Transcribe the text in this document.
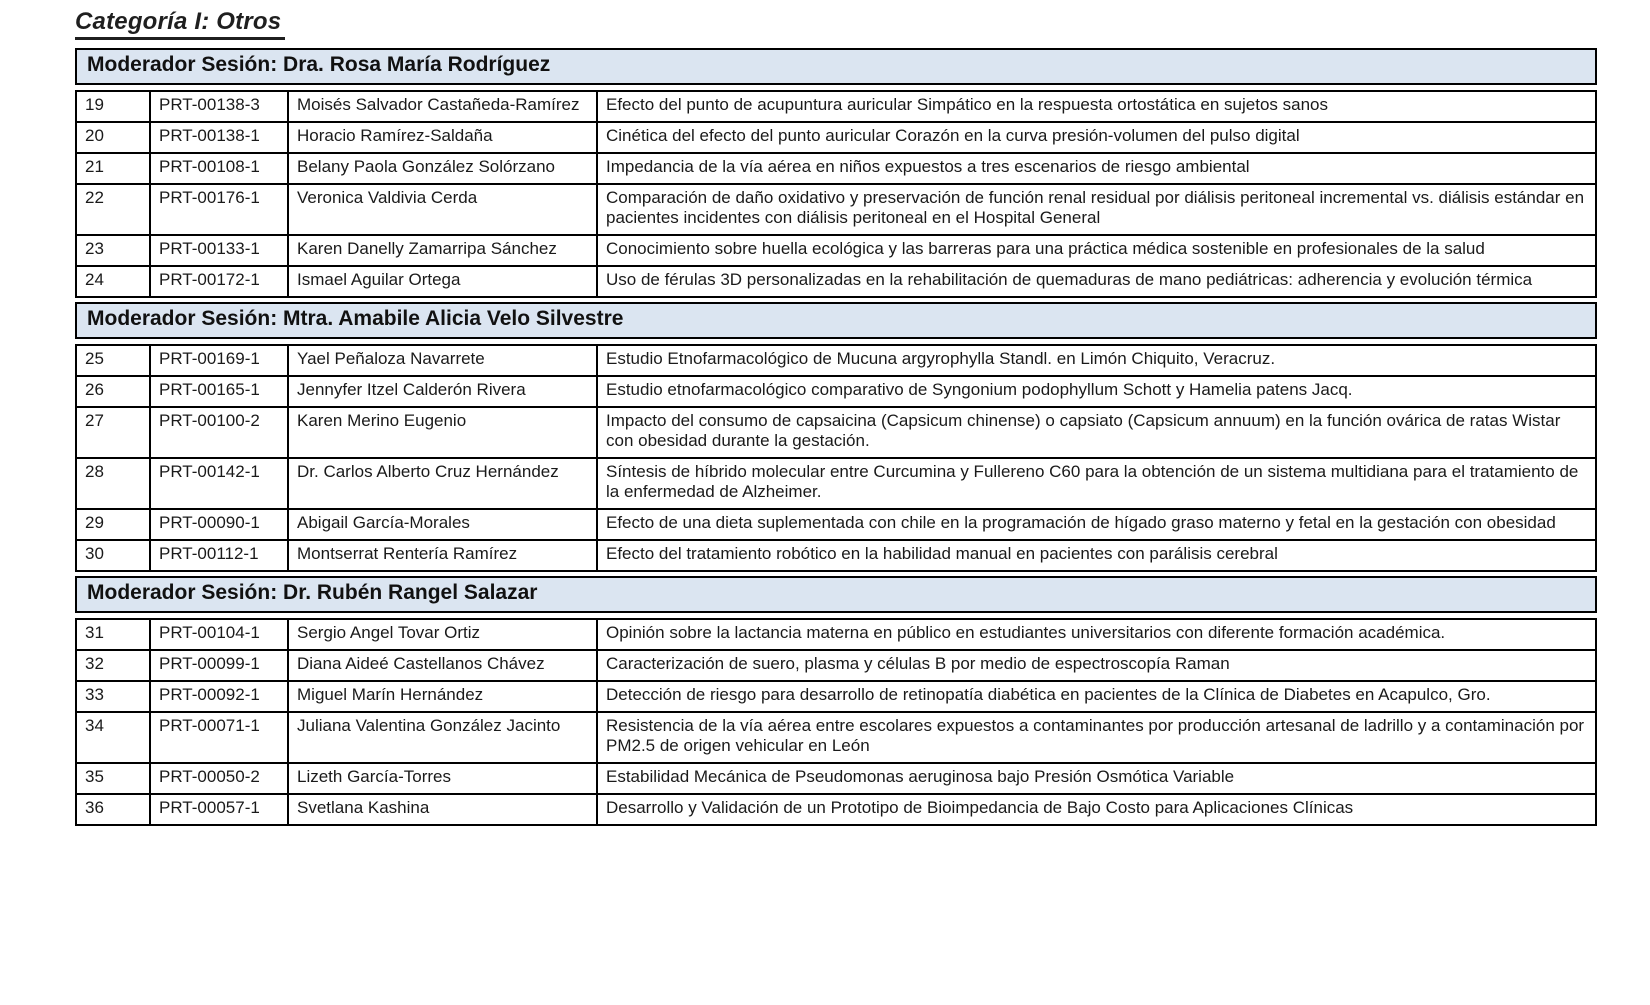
Categoría I: Otros
Moderador Sesión: Dra. Rosa María Rodríguez
19	PRT-00138-3	Moisés Salvador Castañeda-Ramírez	Efecto del punto de acupuntura auricular Simpático en la respuesta ortostática en sujetos sanos
20	PRT-00138-1	Horacio Ramírez-Saldaña	Cinética del efecto del punto auricular Corazón en la curva presión-volumen del pulso digital
21	PRT-00108-1	Belany Paola González Solórzano	Impedancia de la vía aérea en niños expuestos a tres escenarios de riesgo ambiental
22	PRT-00176-1	Veronica Valdivia Cerda	Comparación de daño oxidativo y preservación de función renal residual por diálisis peritoneal incremental vs. diálisis estándar en pacientes incidentes con diálisis peritoneal en el Hospital General
23	PRT-00133-1	Karen Danelly Zamarripa Sánchez	Conocimiento sobre huella ecológica y las barreras para una práctica médica sostenible en profesionales de la salud
24	PRT-00172-1	Ismael Aguilar Ortega	Uso de férulas 3D personalizadas en la rehabilitación de quemaduras de mano pediátricas: adherencia y evolución térmica
Moderador Sesión: Mtra. Amabile Alicia Velo Silvestre
25	PRT-00169-1	Yael Peñaloza Navarrete	Estudio Etnofarmacológico de Mucuna argyrophylla Standl. en Limón Chiquito, Veracruz.
26	PRT-00165-1	Jennyfer Itzel Calderón Rivera	Estudio etnofarmacológico comparativo de Syngonium podophyllum Schott y Hamelia patens Jacq.
27	PRT-00100-2	Karen Merino Eugenio	Impacto del consumo de capsaicina (Capsicum chinense) o capsiato (Capsicum annuum) en la función ovárica de ratas Wistar con obesidad durante la gestación.
28	PRT-00142-1	Dr. Carlos Alberto Cruz Hernández	Síntesis de híbrido molecular entre Curcumina y Fullereno C60 para la obtención de un sistema multidiana para el tratamiento de la enfermedad de Alzheimer.
29	PRT-00090-1	Abigail García-Morales	Efecto de una dieta suplementada con chile en la programación de hígado graso materno y fetal en la gestación con obesidad
30	PRT-00112-1	Montserrat Rentería Ramírez	Efecto del tratamiento robótico en la habilidad manual en pacientes con parálisis cerebral
Moderador Sesión: Dr. Rubén Rangel Salazar
31	PRT-00104-1	Sergio Angel Tovar Ortiz	Opinión sobre la lactancia materna en público en estudiantes universitarios con diferente formación académica.
32	PRT-00099-1	Diana Aideé Castellanos Chávez	Caracterización de suero, plasma y células B por medio de espectroscopía Raman
33	PRT-00092-1	Miguel Marín Hernández	Detección de riesgo para desarrollo de retinopatía diabética en pacientes de la Clínica de Diabetes en Acapulco, Gro.
34	PRT-00071-1	Juliana Valentina González Jacinto	Resistencia de la vía aérea entre escolares expuestos a contaminantes por producción artesanal de ladrillo y a contaminación por PM2.5 de origen vehicular en León
35	PRT-00050-2	Lizeth García-Torres	Estabilidad Mecánica de Pseudomonas aeruginosa bajo Presión Osmótica Variable
36	PRT-00057-1	Svetlana Kashina	Desarrollo y Validación de un Prototipo de Bioimpedancia de Bajo Costo para Aplicaciones Clínicas
